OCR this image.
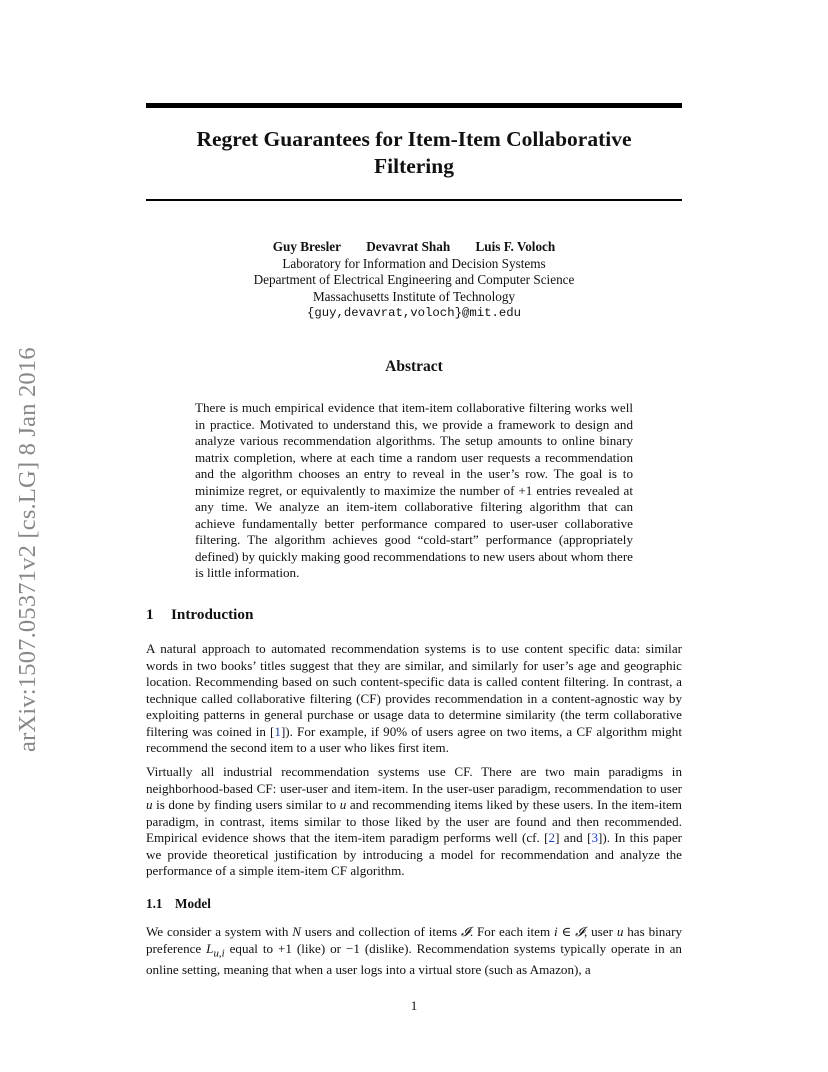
Regret Guarantees for Item-Item Collaborative
Filtering
arXiv:1507.05371v2 [cs.LG] 8 Jan 2016
Guy Bresler Devavrat Shah Luis F. Voloch
Laboratory for Information and Decision Systems
Department of Electrical Engineering and Computer Science
Massachusetts Institute of Technology
{guy,devavrat,voloch}@mit.edu
Abstract

There is much empirical evidence that item-item collaborative filtering works well in practice. Motivated to understand this, we provide a framework to design and analyze various recommendation algorithms. The setup amounts to online binary matrix completion, where at each time a random user requests a recommendation and the algorithm chooses an entry to reveal in the user’s row. The goal is to minimize regret, or equivalently to maximize the number of +1 entries revealed at any time. We analyze an item-item collaborative filtering algorithm that can achieve fundamentally better performance compared to user-user collaborative filtering. The algorithm achieves good “cold-start” performance (appropriately defined) by quickly making good recommendations to new users about whom there is little information.

1 Introduction

A natural approach to automated recommendation systems is to use content specific data: similar words in two books’ titles suggest that they are similar, and similarly for user’s age and geographic location. Recommending based on such content-specific data is called content filtering. In contrast, a technique called collaborative filtering (CF) provides recommendation in a content-agnostic way by exploiting patterns in general purchase or usage data to determine similarity (the term collaborative filtering was coined in [1]). For example, if 90% of users agree on two items, a CF algorithm might recommend the second item to a user who likes first item.

Virtually all industrial recommendation systems use CF. There are two main paradigms in neighborhood-based CF: user-user and item-item. In the user-user paradigm, recommendation to user u is done by finding users similar to u and recommending items liked by these users. In the item-item paradigm, in contrast, items similar to those liked by the user are found and then recommended. Empirical evidence shows that the item-item paradigm performs well (cf. [2] and [3]). In this paper we provide theoretical justification by introducing a model for recommendation and analyze the performance of a simple item-item CF algorithm.

1.1 Model

We consider a system with N users and collection of items 𝓘. For each item i ∈ 𝓘, user u has binary preference $L_{u,i}$ equal to +1 (like) or −1 (dislike). Recommendation systems typically operate in an online setting, meaning that when a user logs into a virtual store (such as Amazon), a

1
